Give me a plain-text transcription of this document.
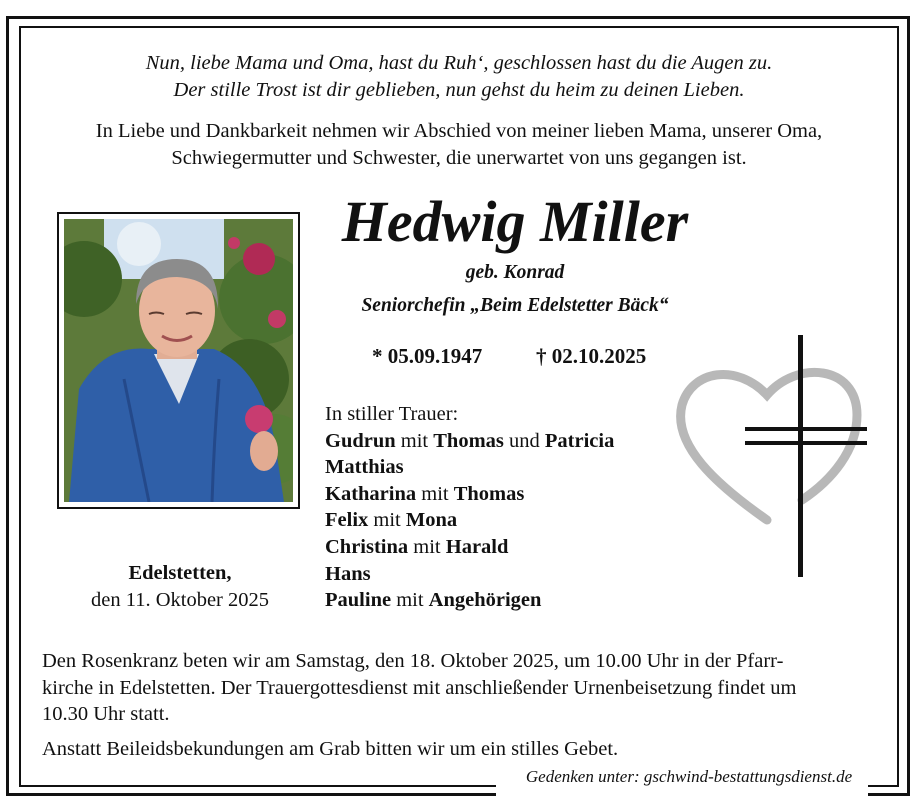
Gedenken unter: gschwind-bestattungsdienst.de
Nun, liebe Mama und Oma, hast du Ruh‘, geschlossen hast du die Augen zu.
Der stille Trost ist dir geblieben, nun gehst du heim zu deinen Lieben.
In Liebe und Dankbarkeit nehmen wir Abschied von meiner lieben Mama, unserer Oma,
Schwiegermutter und Schwester, die unerwartet von uns gegangen ist.
Hedwig Miller
geb. Konrad
Seniorchefin „Beim Edelstetter Bäck“
* 05.09.1947	† 02.10.2025
In stiller Trauer:
Gudrun mit Thomas und Patricia
Matthias
Katharina mit Thomas
Felix mit Mona
Christina mit Harald
Hans
Pauline mit Angehörigen
Edelstetten,
den 11. Oktober 2025
Den Rosenkranz beten wir am Samstag, den 18. Oktober 2025, um 10.00 Uhr in der Pfarr-
kirche in Edelstetten. Der Trauergottesdienst mit anschließender Urnenbeisetzung findet um
10.30 Uhr statt.
Anstatt Beileidsbekundungen am Grab bitten wir um ein stilles Gebet.
